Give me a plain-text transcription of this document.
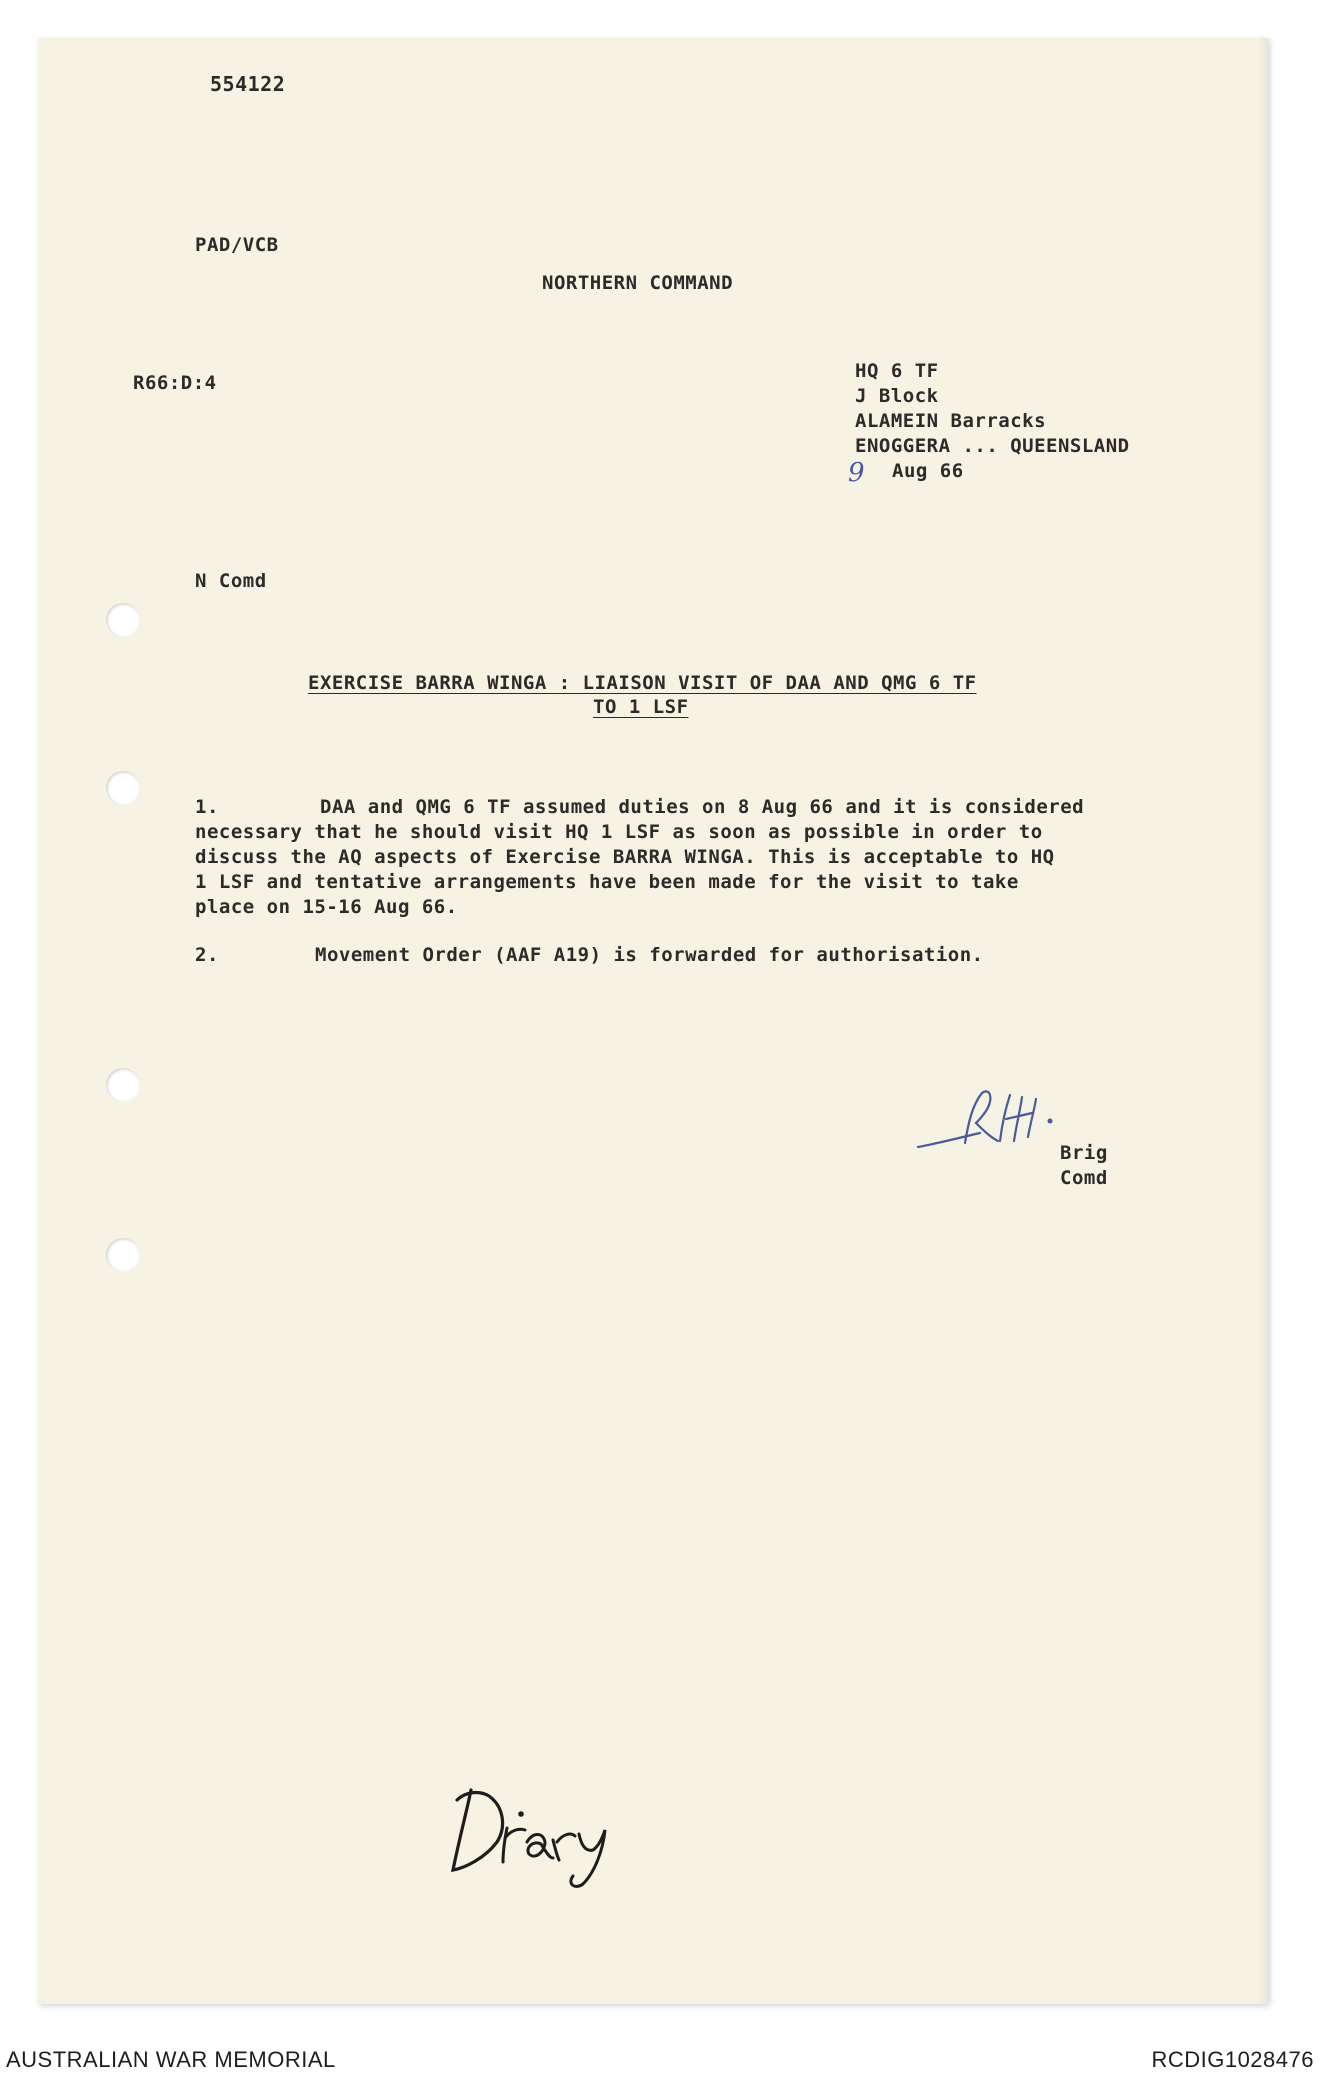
554122
PAD/VCB
NORTHERN COMMAND
R66:D:4
HQ 6 TF
J Block
ALAMEIN Barracks
ENOGGERA ... QUEENSLAND
9 Aug 66
N Comd
EXERCISE BARRA WINGA : LIAISON VISIT OF DAA AND QMG 6 TF
TO 1 LSF
1.	DAA and QMG 6 TF assumed duties on 8 Aug 66 and it is considered
necessary that he should visit HQ 1 LSF as soon as possible in order to
discuss the AQ aspects of Exercise BARRA WINGA. This is acceptable to HQ
1 LSF and tentative arrangements have been made for the visit to take
place on 15-16 Aug 66.
2.	Movement Order (AAF A19) is forwarded for authorisation.
RLH.
Brig
Comd
Diary
AUSTRALIAN WAR MEMORIAL	RCDIG1028476
